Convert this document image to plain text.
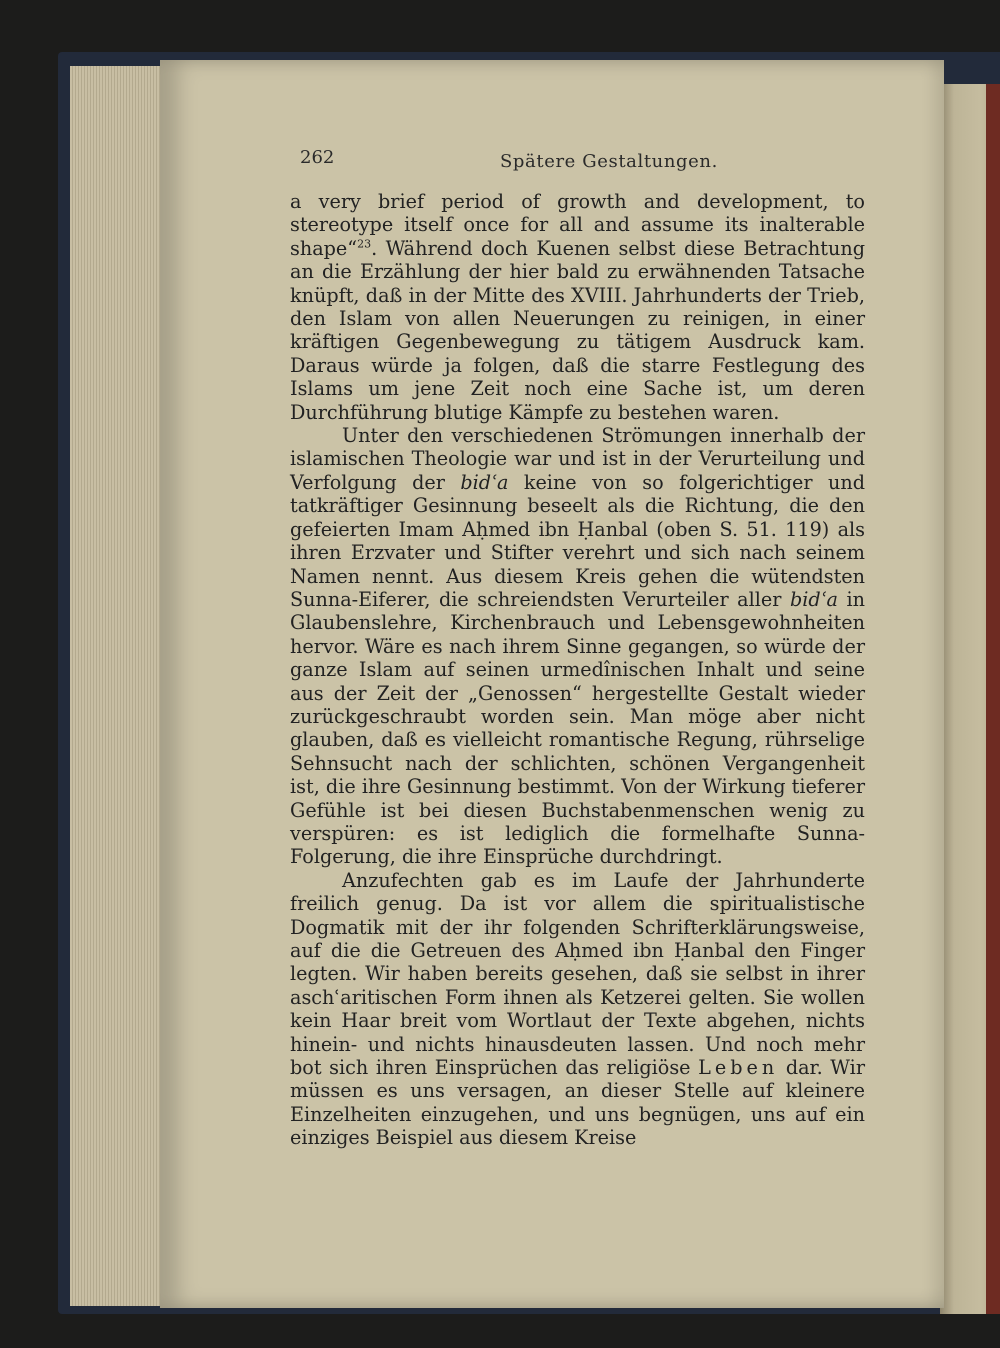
262	Spätere Gestaltungen.

a very brief period of growth and development, to stereotype itself once for all and assume its inalterable shape“$^{23}$. Während doch Kuenen selbst diese Betrachtung an die Erzählung der hier bald zu erwähnenden Tatsache knüpft, daß in der Mitte des XVIII. Jahrhunderts der Trieb, den Islam von allen Neuerungen zu reinigen, in einer kräftigen Gegenbewegung zu tätigem Ausdruck kam. Daraus würde ja folgen, daß die starre Festlegung des Islams um jene Zeit noch eine Sache ist, um deren Durchführung blutige Kämpfe zu bestehen waren.

Unter den verschiedenen Strömungen innerhalb der islamischen Theologie war und ist in der Verurteilung und Verfolgung der bidʿa keine von so folgerichtiger und tatkräftiger Gesinnung beseelt als die Richtung, die den gefeierten Imam Aḥmed ibn Ḥanbal (oben S. 51. 119) als ihren Erzvater und Stifter verehrt und sich nach seinem Namen nennt. Aus diesem Kreis gehen die wütendsten Sunna-Eiferer, die schreiendsten Verurteiler aller bidʿa in Glaubenslehre, Kirchenbrauch und Lebensgewohnheiten hervor. Wäre es nach ihrem Sinne gegangen, so würde der ganze Islam auf seinen urmedînischen Inhalt und seine aus der Zeit der „Genossen“ hergestellte Gestalt wieder zurückgeschraubt worden sein. Man möge aber nicht glauben, daß es vielleicht romantische Regung, rührselige Sehnsucht nach der schlichten, schönen Vergangenheit ist, die ihre Gesinnung bestimmt. Von der Wirkung tieferer Gefühle ist bei diesen Buchstabenmenschen wenig zu verspüren: es ist lediglich die formelhafte Sunna-Folgerung, die ihre Einsprüche durchdringt.

Anzufechten gab es im Laufe der Jahrhunderte freilich genug. Da ist vor allem die spiritualistische Dogmatik mit der ihr folgenden Schrifterklärungsweise, auf die die Getreuen des Aḥmed ibn Ḥanbal den Finger legten. Wir haben bereits gesehen, daß sie selbst in ihrer aschʿaritischen Form ihnen als Ketzerei gelten. Sie wollen kein Haar breit vom Wortlaut der Texte abgehen, nichts hinein- und nichts hinausdeuten lassen. Und noch mehr bot sich ihren Einsprüchen das religiöse Leben dar. Wir müssen es uns versagen, an dieser Stelle auf kleinere Einzelheiten einzugehen, und uns begnügen, uns auf ein einziges Beispiel aus diesem Kreise
